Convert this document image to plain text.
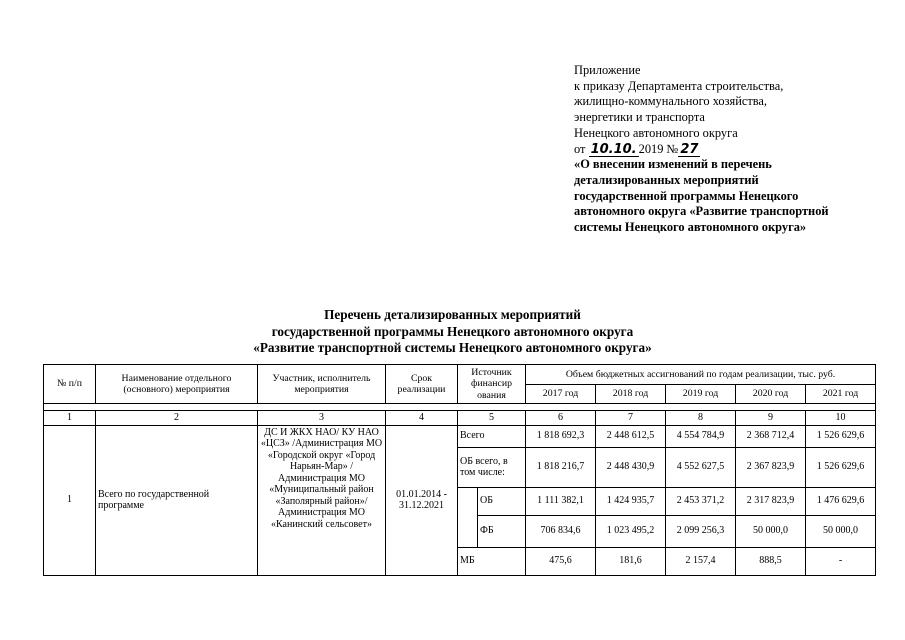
Приложение
к приказу Департамента строительства,
жилищно-коммунального хозяйства,
энергетики и транспорта
Ненецкого автономного округа
от 10.10. 2019 № 27
«О внесении изменений в перечень
детализированных мероприятий
государственной программы Ненецкого
автономного округа «Развитие транспортной
системы Ненецкого автономного округа»
Перечень детализированных мероприятий
государственной программы Ненецкого автономного округа
«Развитие транспортной системы Ненецкого автономного округа»
№ п/п	Наименование отдельного (основного) мероприятия	Участник, исполнитель мероприятия	Срок реализации	Источник финансир ования		Объем бюджетных ассигнований по годам реализации, тыс. руб.				
						2017 год	2018 год	2019 год	2020 год	2021 год

1	2	3	4	5		6	7	8	9	10
1	Всего по государственной программе	ДС И ЖКХ НАО/ КУ НАО «ЦСЗ» /Администрация МО «Городской округ «Город Нарьян-Мар» / Администрация МО «Муниципальный район «Заполярный район»/ Администрация МО «Канинский сельсовет»	01.01.2014 - 31.12.2021	Всего		1 818 692,3	2 448 612,5	4 554 784,9	2 368 712,4	1 526 629,6
				ОБ всего, в том числе:		1 818 216,7	2 448 430,9	4 552 627,5	2 367 823,9	1 526 629,6
					ОБ	1 111 382,1	1 424 935,7	2 453 371,2	2 317 823,9	1 476 629,6
					ФБ	706 834,6	1 023 495,2	2 099 256,3	50 000,0	50 000,0
				МБ		475,6	181,6	2 157,4	888,5	-
